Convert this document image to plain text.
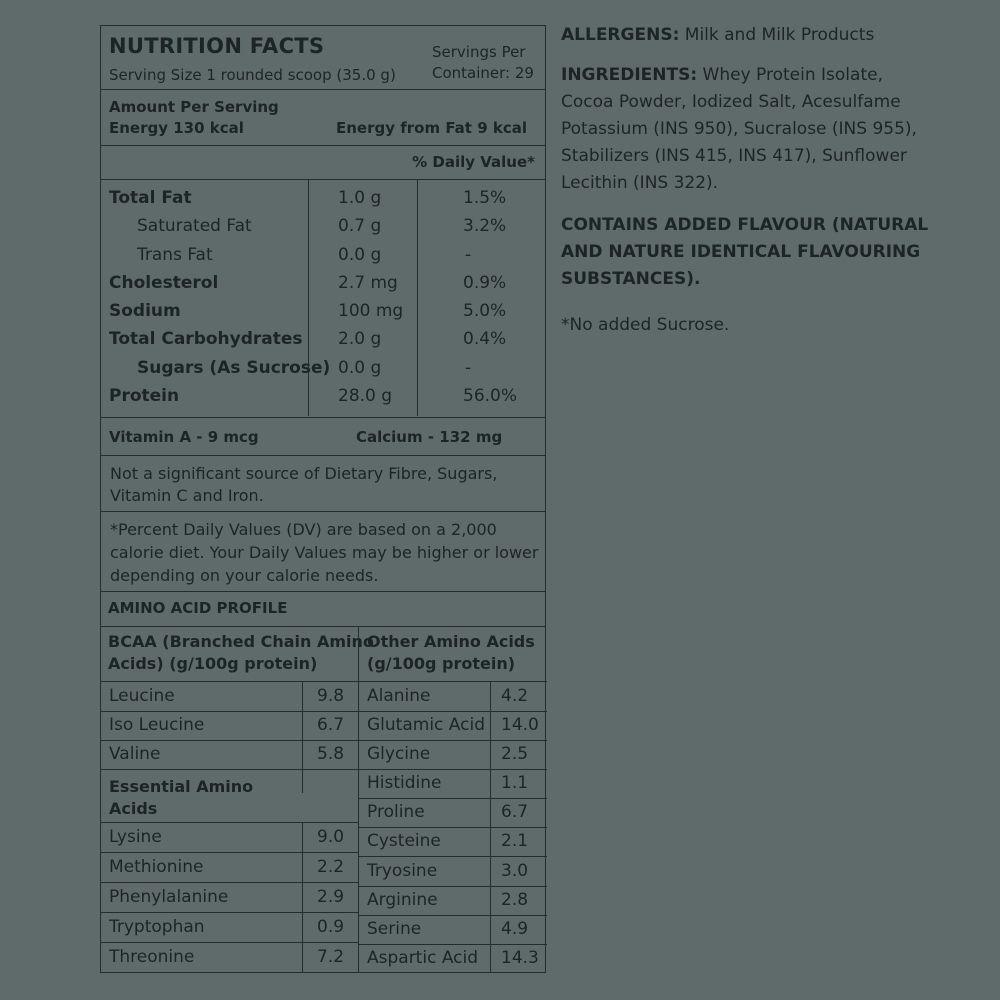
NUTRITION FACTS
Serving Size 1 rounded scoop (35.0 g)
Servings Per
Container: 29
Amount Per Serving
Energy 130 kcal	Energy from Fat 9 kcal
% Daily Value*
Total Fat	1.0 g	1.5%
Saturated Fat	0.7 g	3.2%
Trans Fat	0.0 g	-
Cholesterol	2.7 mg	0.9%
Sodium	100 mg	5.0%
Total Carbohydrates 2.0 g	0.4%
Sugars (As Sucrose) 0.0 g	-
Protein	28.0 g	56.0%
Vitamin A - 9 mcg	Calcium - 132 mg
Not a significant source of Dietary Fibre, Sugars,
Vitamin C and Iron.
*Percent Daily Values (DV) are based on a 2,000
calorie diet. Your Daily Values may be higher or lower
depending on your calorie needs.
AMINO ACID PROFILE
BCAA (Branched Chain Amino
Acids) (g/100g protein)
Other Amino Acids
(g/100g protein)
Leucine	9.8
Iso Leucine	6.7
Valine	5.8
Essential Amino
Acids
Lysine	9.0
Methionine	2.2
Phenylalanine	2.9
Tryptophan	0.9
Threonine	7.2
Alanine	4.2
Glutamic Acid 14.0
Glycine	2.5
Histidine	1.1
Proline	6.7
Cysteine	2.1
Tryosine	3.0
Arginine	2.8
Serine	4.9
Aspartic Acid 14.3
ALLERGENS: Milk and Milk Products
INGREDIENTS: Whey Protein Isolate,
Cocoa Powder, Iodized Salt, Acesulfame
Potassium (INS 950), Sucralose (INS 955),
Stabilizers (INS 415, INS 417), Sunflower
Lecithin (INS 322).
CONTAINS ADDED FLAVOUR (NATURAL
AND NATURE IDENTICAL FLAVOURING
SUBSTANCES).
*No added Sucrose.
